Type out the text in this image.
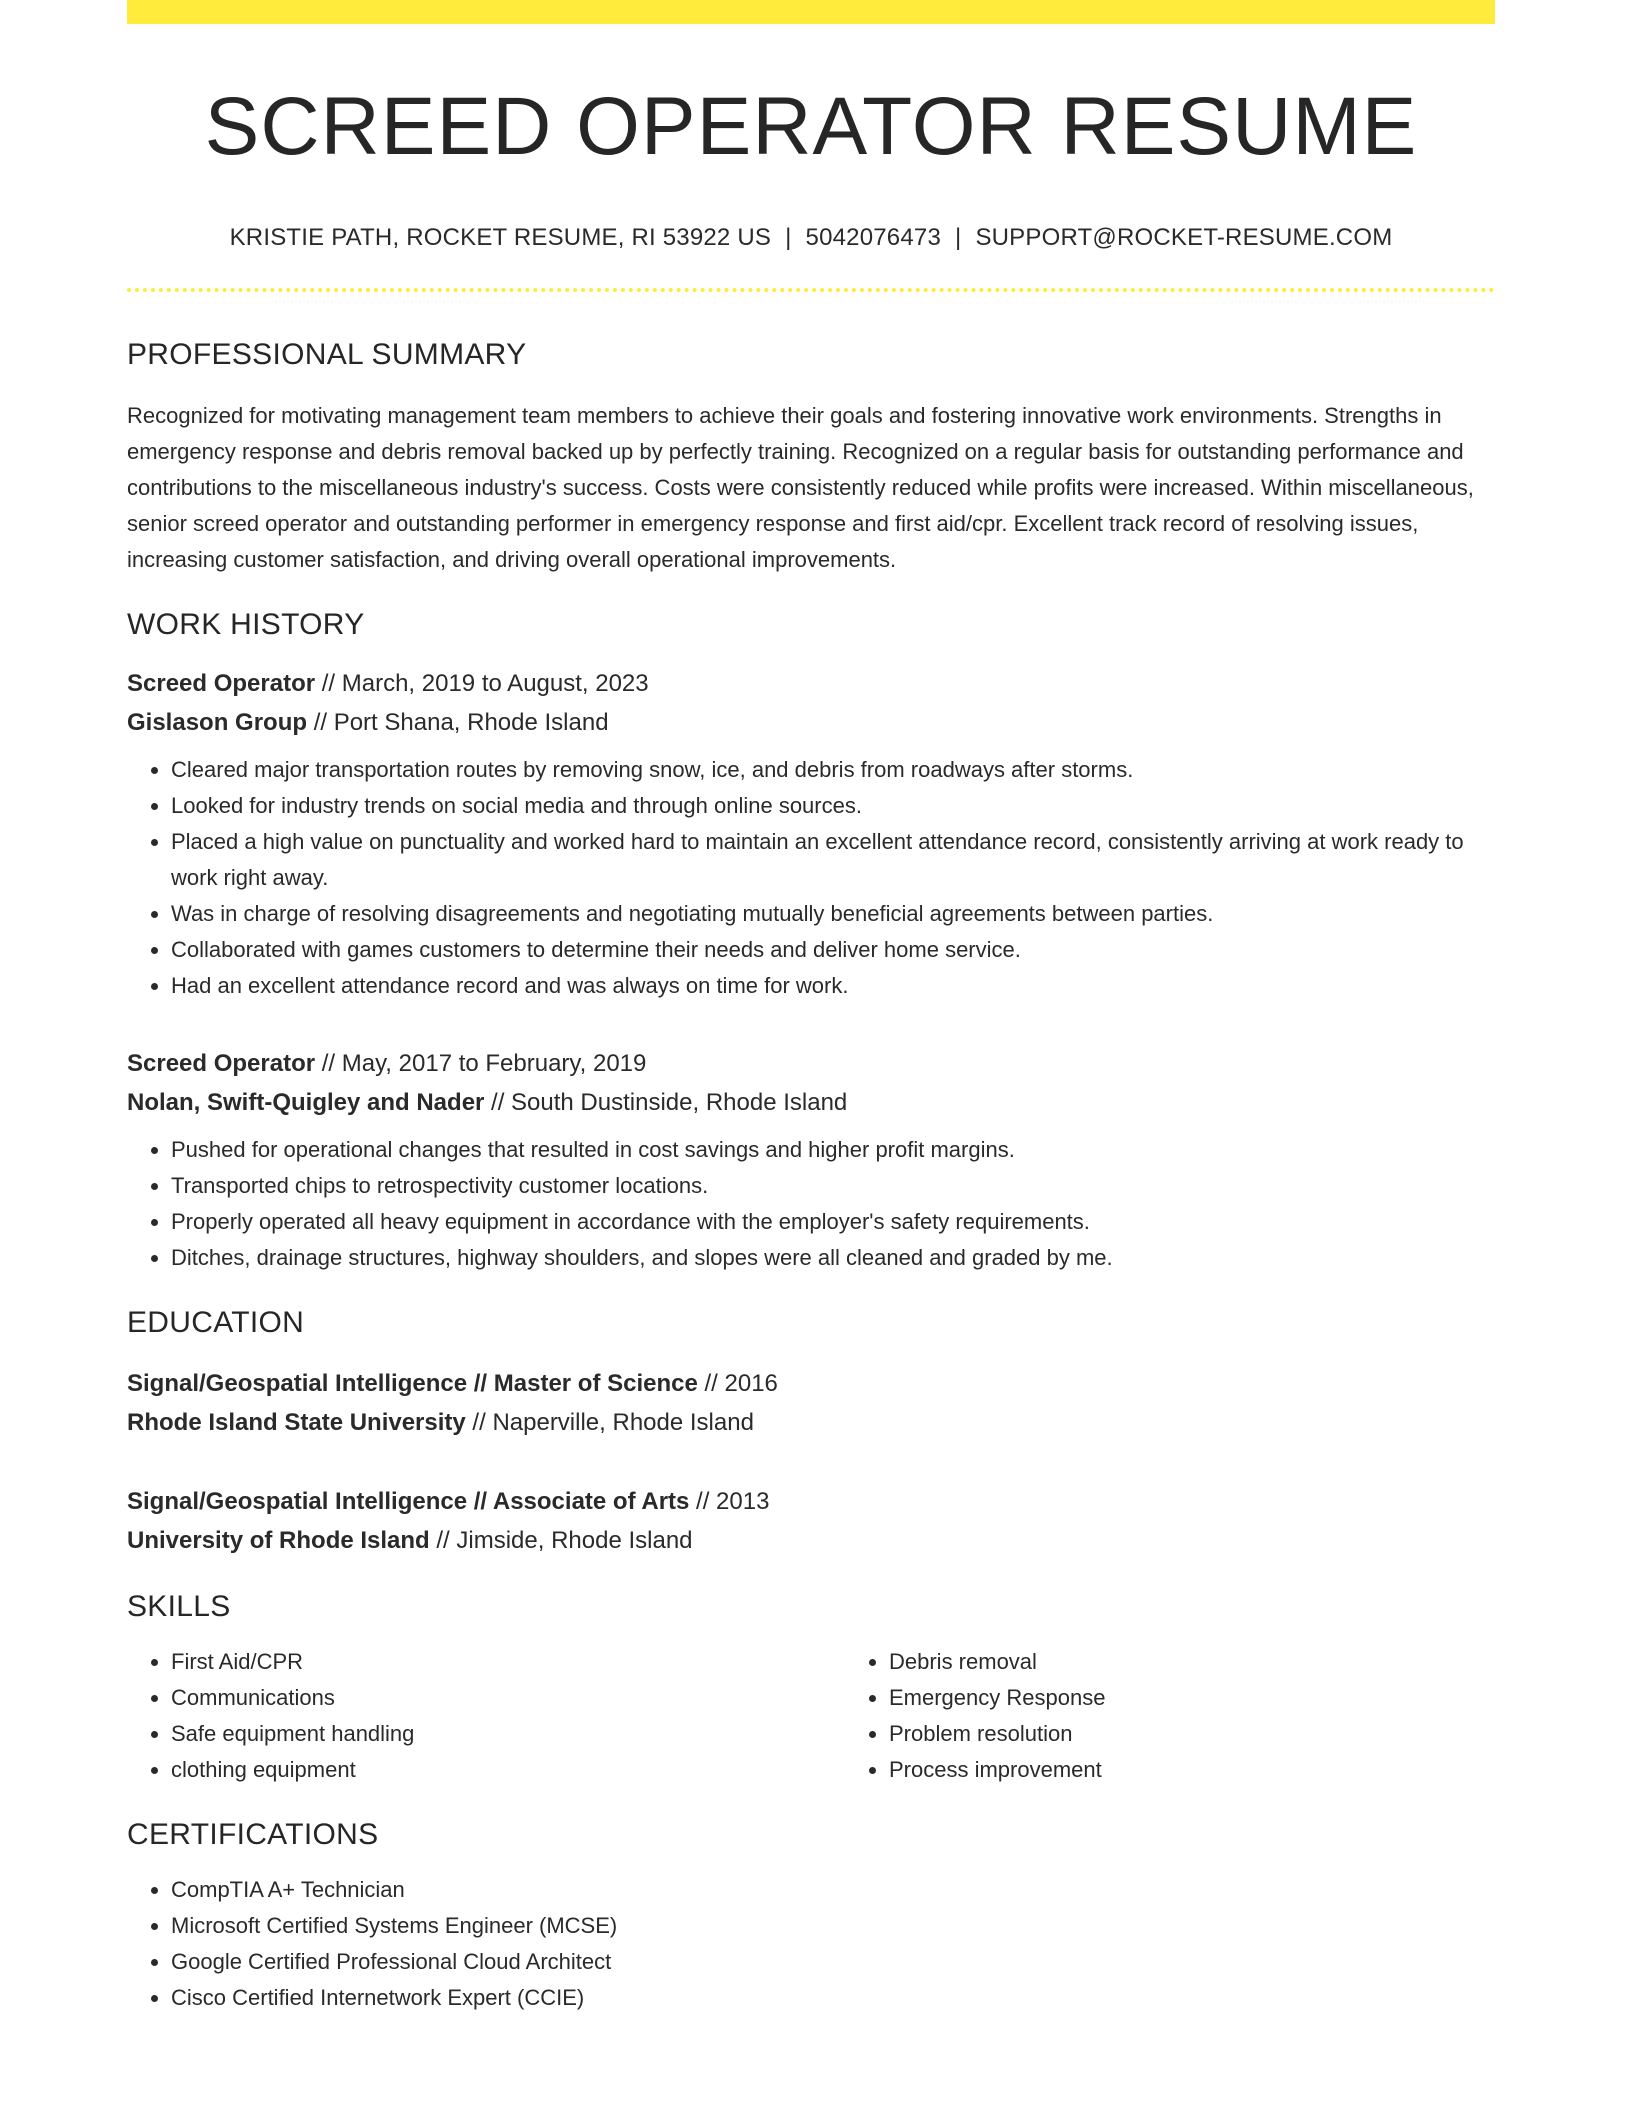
SCREED OPERATOR RESUME
KRISTIE PATH, ROCKET RESUME, RI 53922 US | 5042076473 | SUPPORT@ROCKET-RESUME.COM
PROFESSIONAL SUMMARY
Recognized for motivating management team members to achieve their goals and fostering innovative work environments. Strengths in emergency response and debris removal backed up by perfectly training. Recognized on a regular basis for outstanding performance and contributions to the miscellaneous industry's success. Costs were consistently reduced while profits were increased. Within miscellaneous, senior screed operator and outstanding performer in emergency response and first aid/cpr. Excellent track record of resolving issues, increasing customer satisfaction, and driving overall operational improvements.
WORK HISTORY
Screed Operator // March, 2019 to August, 2023
Gislason Group // Port Shana, Rhode Island
• Cleared major transportation routes by removing snow, ice, and debris from roadways after storms.
• Looked for industry trends on social media and through online sources.
• Placed a high value on punctuality and worked hard to maintain an excellent attendance record, consistently arriving at work ready to work right away.
• Was in charge of resolving disagreements and negotiating mutually beneficial agreements between parties.
• Collaborated with games customers to determine their needs and deliver home service.
• Had an excellent attendance record and was always on time for work.
Screed Operator // May, 2017 to February, 2019
Nolan, Swift-Quigley and Nader // South Dustinside, Rhode Island
• Pushed for operational changes that resulted in cost savings and higher profit margins.
• Transported chips to retrospectivity customer locations.
• Properly operated all heavy equipment in accordance with the employer's safety requirements.
• Ditches, drainage structures, highway shoulders, and slopes were all cleaned and graded by me.
EDUCATION
Signal/Geospatial Intelligence // Master of Science // 2016
Rhode Island State University // Naperville, Rhode Island
Signal/Geospatial Intelligence // Associate of Arts // 2013
University of Rhode Island // Jimside, Rhode Island
SKILLS
• First Aid/CPR
• Communications
• Safe equipment handling
• clothing equipment
• Debris removal
• Emergency Response
• Problem resolution
• Process improvement
CERTIFICATIONS
• CompTIA A+ Technician
• Microsoft Certified Systems Engineer (MCSE)
• Google Certified Professional Cloud Architect
• Cisco Certified Internetwork Expert (CCIE)
